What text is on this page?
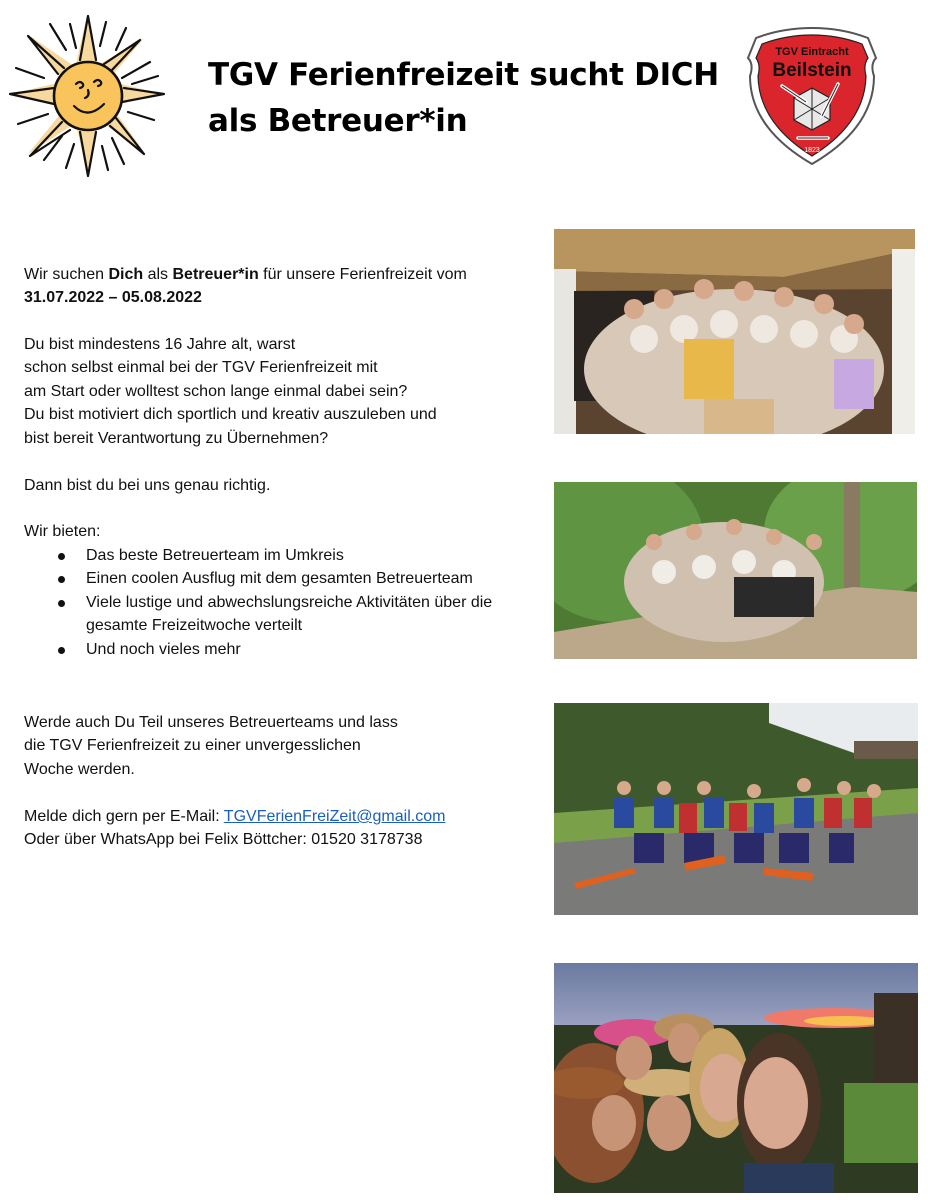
TGV Ferienfreizeit sucht DICH
als Betreuer*in
TGV Eintracht
Beilstein
1823
Wir suchen Dich als Betreuer*in für unsere Ferienfreizeit vom
31.07.2022 – 05.08.2022
Du bist mindestens 16 Jahre alt, warst
schon selbst einmal bei der TGV Ferienfreizeit mit
am Start oder wolltest schon lange einmal dabei sein?
Du bist motiviert dich sportlich und kreativ auszuleben und
bist bereit Verantwortung zu Übernehmen?
Dann bist du bei uns genau richtig.
Wir bieten:
Das beste Betreuerteam im Umkreis
Einen coolen Ausflug mit dem gesamten Betreuerteam
Viele lustige und abwechslungsreiche Aktivitäten über die
gesamte Freizeitwoche verteilt
Und noch vieles mehr
Werde auch Du Teil unseres Betreuerteams und lass
die TGV Ferienfreizeit zu einer unvergesslichen
Woche werden.
Melde dich gern per E-Mail: TGVFerienFreiZeit@gmail.com
Oder über WhatsApp bei Felix Böttcher: 01520 3178738
